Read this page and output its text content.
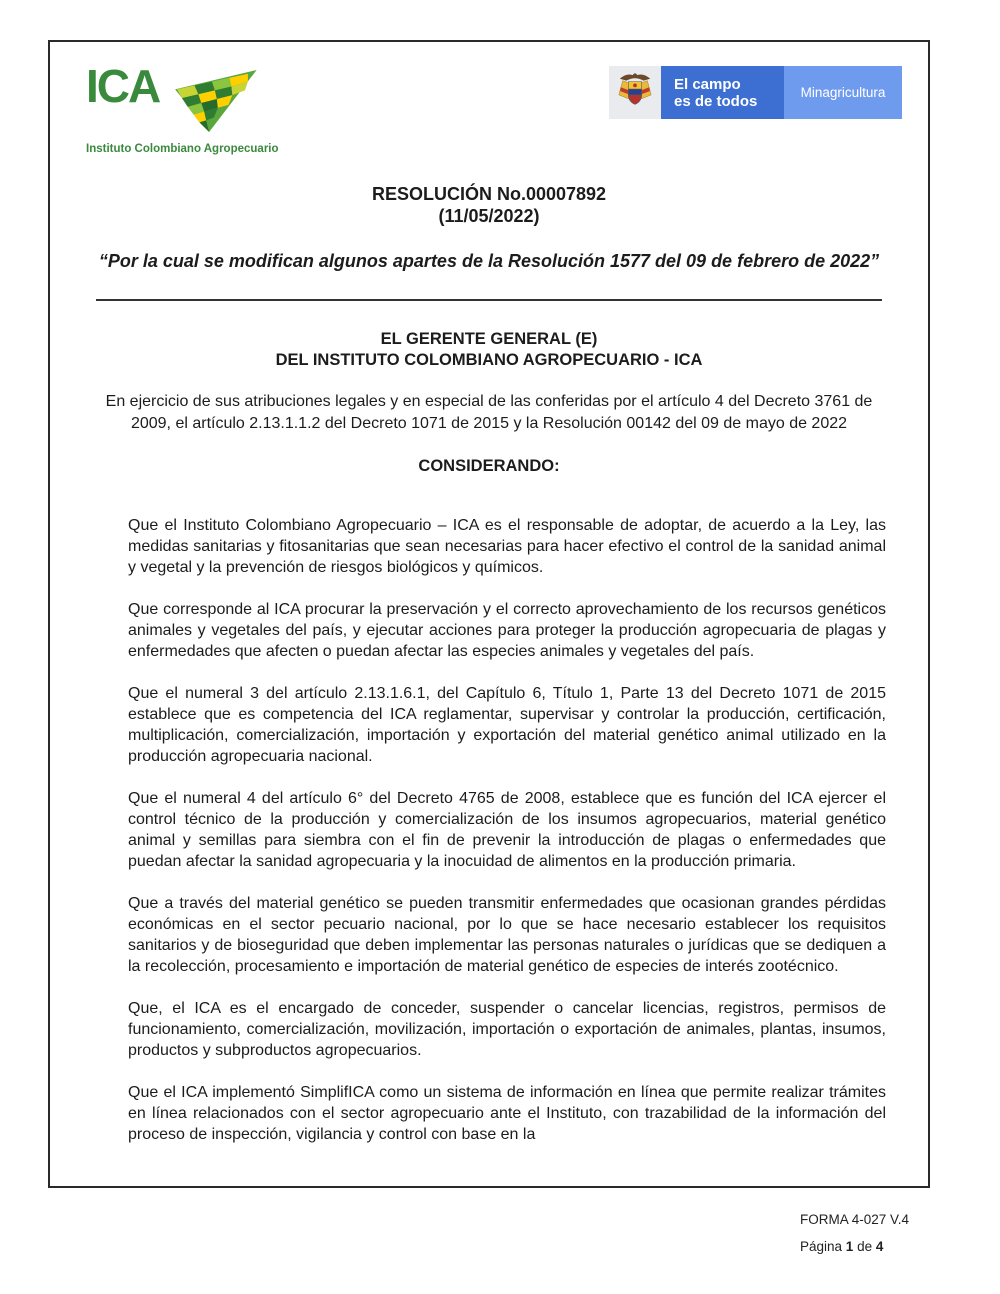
ICA
Instituto Colombiano Agropecuario
El campo
es de todos	Minagricultura
RESOLUCIÓN No.00007892
(11/05/2022)
“Por la cual se modifican algunos apartes de la Resolución 1577 del 09 de febrero de 2022”
EL GERENTE GENERAL (E)
DEL INSTITUTO COLOMBIANO AGROPECUARIO - ICA
En ejercicio de sus atribuciones legales y en especial de las conferidas por el artículo 4 del Decreto 3761 de 2009, el artículo 2.13.1.1.2 del Decreto 1071 de 2015 y la Resolución 00142 del 09 de mayo de 2022
CONSIDERANDO:

Que el Instituto Colombiano Agropecuario – ICA es el responsable de adoptar, de acuerdo a la Ley, las medidas sanitarias y fitosanitarias que sean necesarias para hacer efectivo el control de la sanidad animal y vegetal y la prevención de riesgos biológicos y químicos.

Que corresponde al ICA procurar la preservación y el correcto aprovechamiento de los recursos genéticos animales y vegetales del país, y ejecutar acciones para proteger la producción agropecuaria de plagas y enfermedades que afecten o puedan afectar las especies animales y vegetales del país.

Que el numeral 3 del artículo 2.13.1.6.1, del Capítulo 6, Título 1, Parte 13 del Decreto 1071 de 2015 establece que es competencia del ICA reglamentar, supervisar y controlar la producción, certificación, multiplicación, comercialización, importación y exportación del material genético animal utilizado en la producción agropecuaria nacional.

Que el numeral 4 del artículo 6° del Decreto 4765 de 2008, establece que es función del ICA ejercer el control técnico de la producción y comercialización de los insumos agropecuarios, material genético animal y semillas para siembra con el fin de prevenir la introducción de plagas o enfermedades que puedan afectar la sanidad agropecuaria y la inocuidad de alimentos en la producción primaria.

Que a través del material genético se pueden transmitir enfermedades que ocasionan grandes pérdidas económicas en el sector pecuario nacional, por lo que se hace necesario establecer los requisitos sanitarios y de bioseguridad que deben implementar las personas naturales o jurídicas que se dediquen a la recolección, procesamiento e importación de material genético de especies de interés zootécnico.

Que, el ICA es el encargado de conceder, suspender o cancelar licencias, registros, permisos de funcionamiento, comercialización, movilización, importación o exportación de animales, plantas, insumos, productos y subproductos agropecuarios.

Que el ICA implementó SimplifICA como un sistema de información en línea que permite realizar trámites en línea relacionados con el sector agropecuario ante el Instituto, con trazabilidad de la información del proceso de inspección, vigilancia y control con base en la

FORMA 4-027 V.4
Página 1 de 4
